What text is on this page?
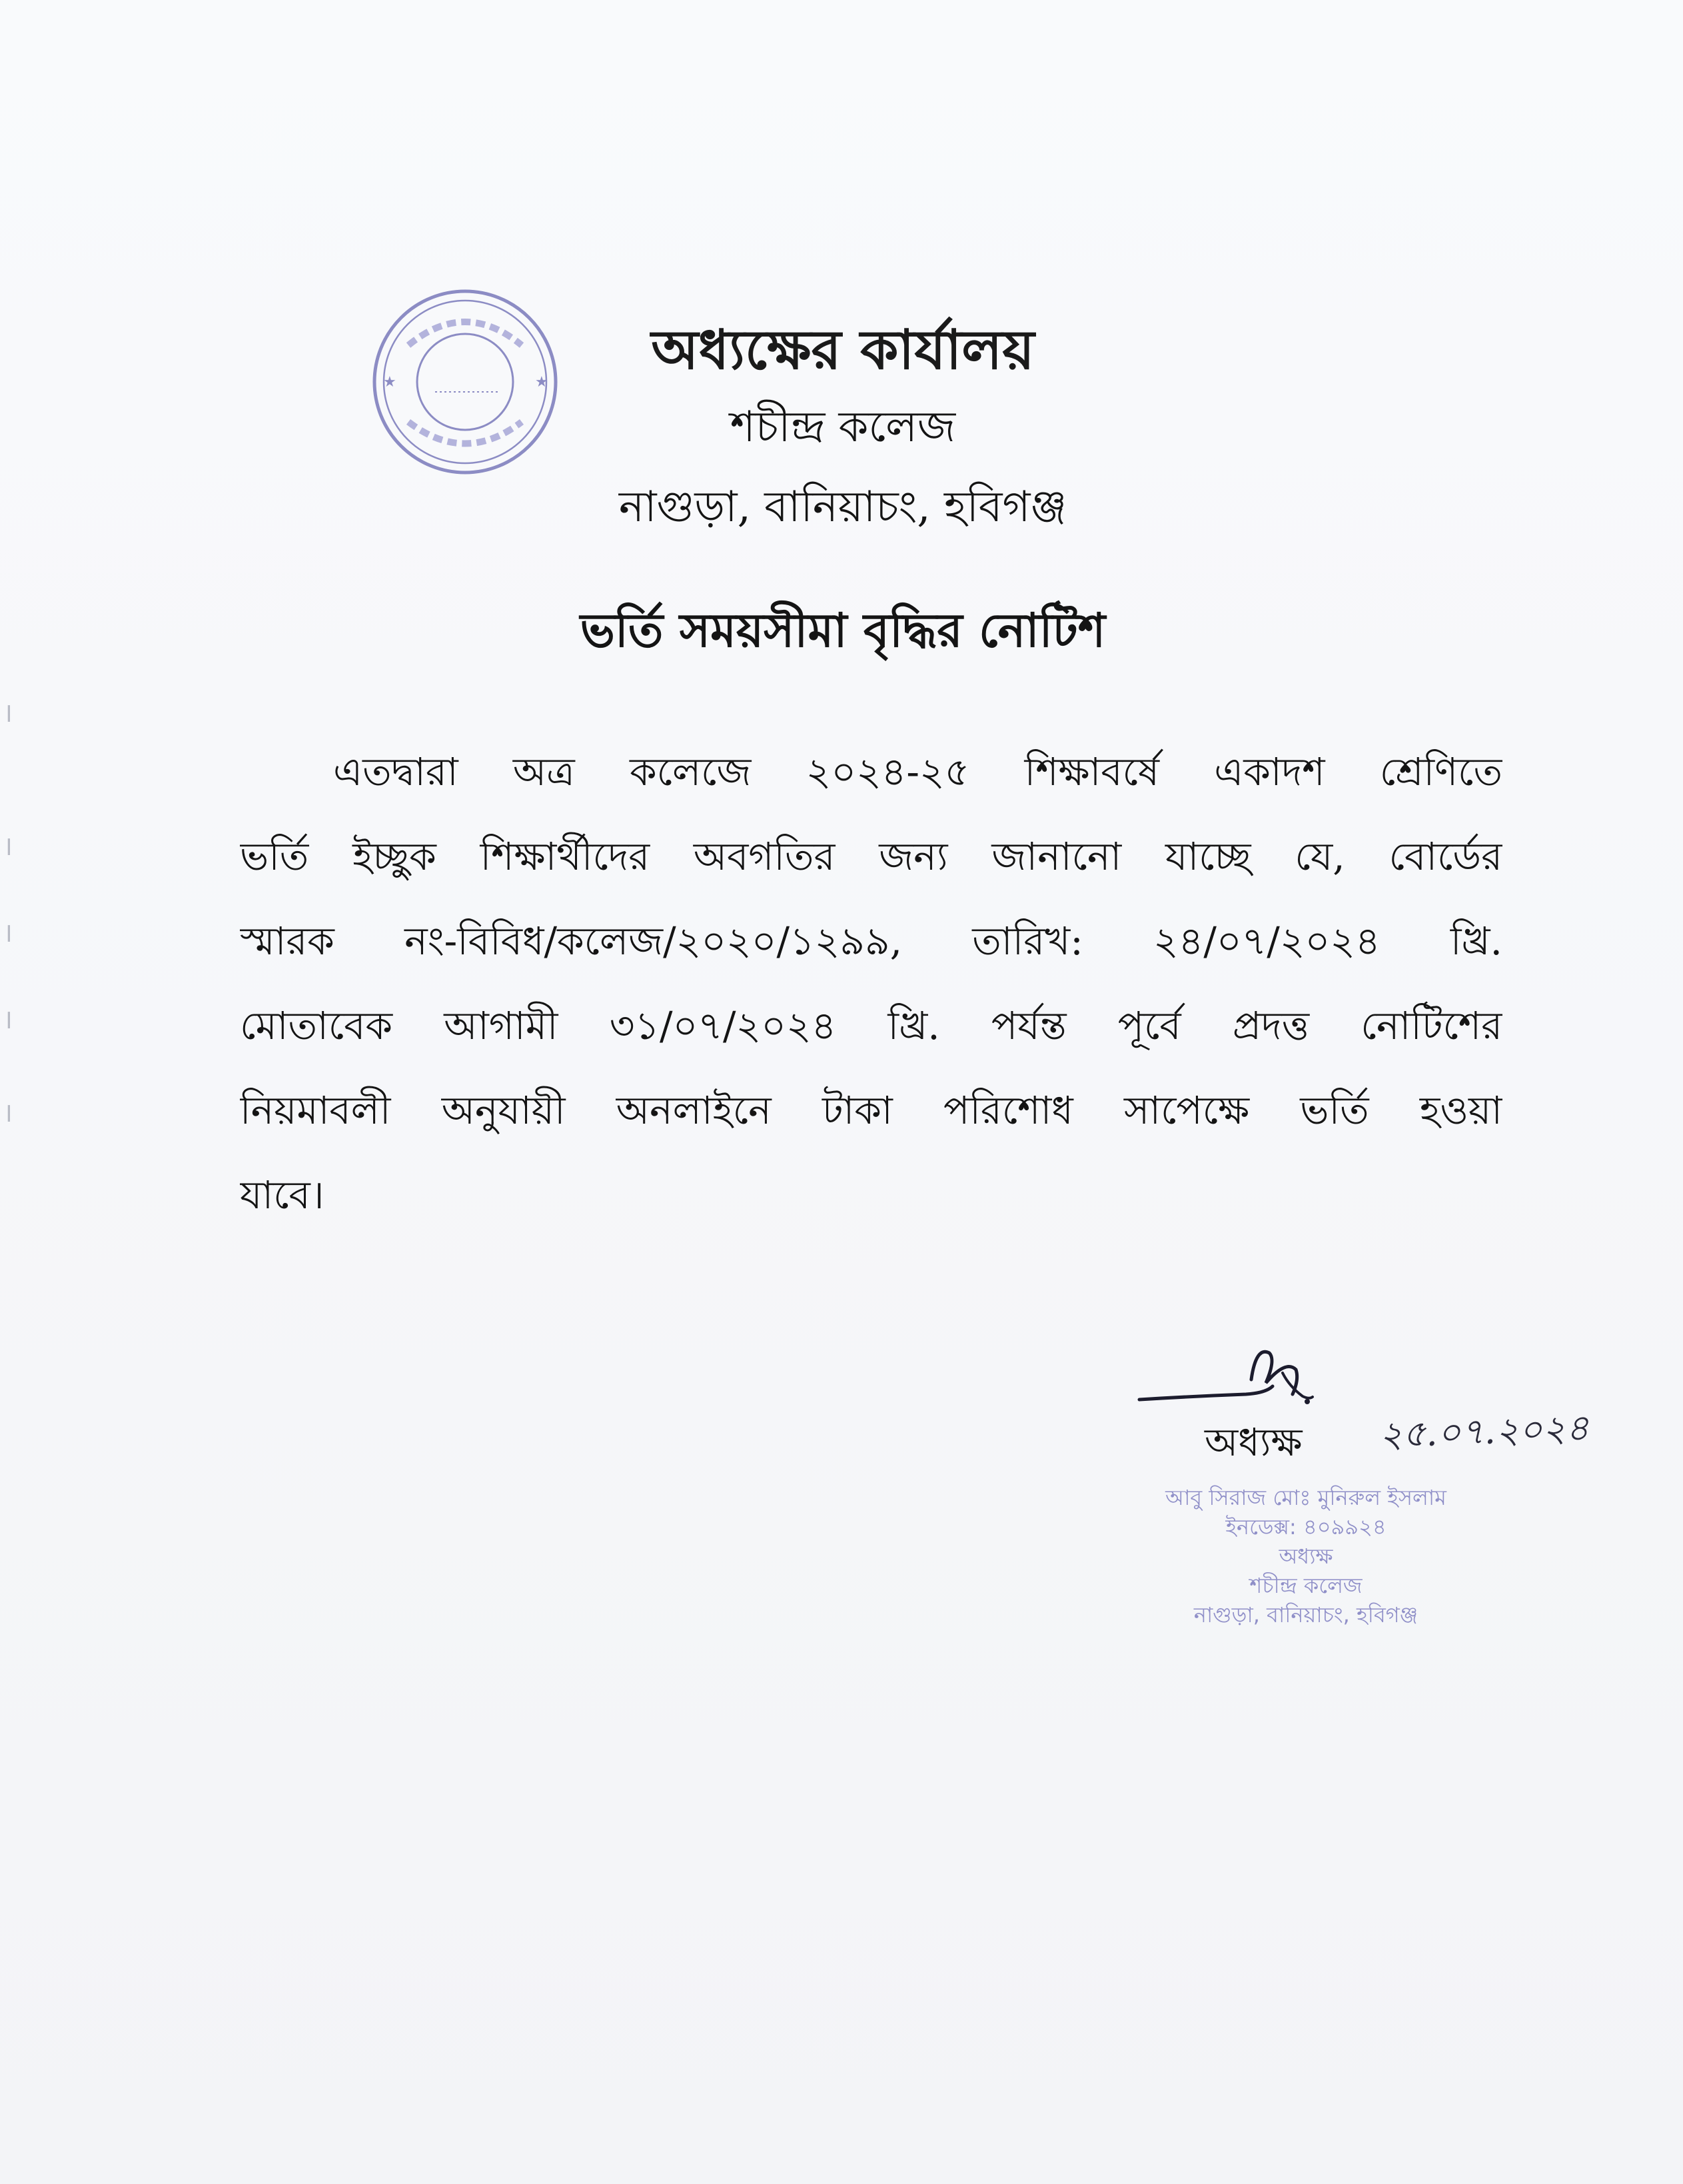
।
।
।
।
।
★	★
অধ্যক্ষের কার্যালয়
শচীন্দ্র কলেজ
নাগুড়া, বানিয়াচং, হবিগঞ্জ
ভর্তি সময়সীমা বৃদ্ধির নোটিশ
এতদ্বারা অত্র কলেজে ২০২৪-২৫ শিক্ষাবর্ষে একাদশ শ্রেণিতে
ভর্তি ইচ্ছুক শিক্ষার্থীদের অবগতির জন্য জানানো যাচ্ছে যে, বোর্ডের
স্মারক নং-বিবিধ/কলেজ/২০২০/১২৯৯, তারিখ: ২৪/০৭/২০২৪ খ্রি.
মোতাবেক আগামী ৩১/০৭/২০২৪ খ্রি. পর্যন্ত পূর্বে প্রদত্ত নোটিশের
নিয়মাবলী অনুযায়ী অনলাইনে টাকা পরিশোধ সাপেক্ষে ভর্তি হওয়া
যাবে।
অধ্যক্ষ ২৫.০৭.২০২৪
আবু সিরাজ মোঃ মুনিরুল ইসলাম
ইনডেক্স: ৪০৯৯২৪
অধ্যক্ষ
শচীন্দ্র কলেজ
নাগুড়া, বানিয়াচং, হবিগঞ্জ
